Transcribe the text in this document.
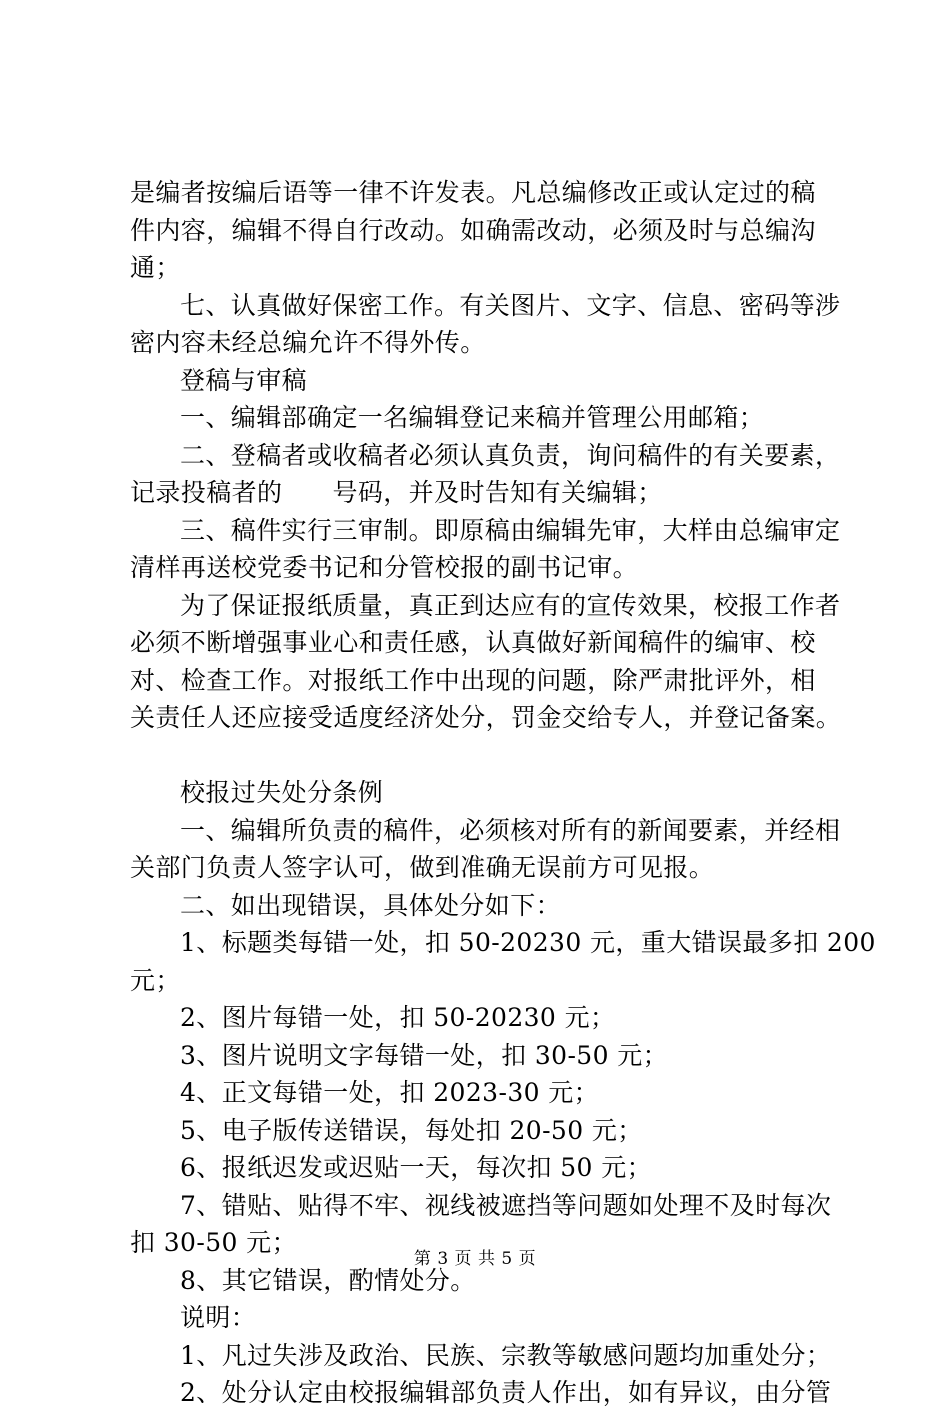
是编者按编后语等一律不许发表。凡总编修改正或认定过的稿
件内容，编辑不得自行改动。如确需改动，必须及时与总编沟
通；
七、认真做好保密工作。有关图片、文字、信息、密码等涉
密内容未经总编允许不得外传。
登稿与审稿
一、编辑部确定一名编辑登记来稿并管理公用邮箱；
二、登稿者或收稿者必须认真负责，询问稿件的有关要素，
记录投稿者的      号码，并及时告知有关编辑；
三、稿件实行三审制。即原稿由编辑先审，大样由总编审定
清样再送校党委书记和分管校报的副书记审。
为了保证报纸质量，真正到达应有的宣传效果，校报工作者
必须不断增强事业心和责任感，认真做好新闻稿件的编审、校
对、检查工作。对报纸工作中出现的问题，除严肃批评外，相
关责任人还应接受适度经济处分，罚金交给专人，并登记备案。
校报过失处分条例
一、编辑所负责的稿件，必须核对所有的新闻要素，并经相
关部门负责人签字认可，做到准确无误前方可见报。
二、如出现错误，具体处分如下：
1、标题类每错一处，扣 50-20230 元，重大错误最多扣 200
元；
2、图片每错一处，扣 50-20230 元；
3、图片说明文字每错一处，扣 30-50 元；
4、正文每错一处，扣 2023-30 元；
5、电子版传送错误，每处扣 20-50 元；
6、报纸迟发或迟贴一天，每次扣 50 元；
7、错贴、贴得不牢、视线被遮挡等问题如处理不及时每次
扣 30-50 元；
8、其它错误，酌情处分。
说明：
1、凡过失涉及政治、民族、宗教等敏感问题均加重处分；
2、处分认定由校报编辑部负责人作出，如有异议，由分管
第 3 页 共 5 页
